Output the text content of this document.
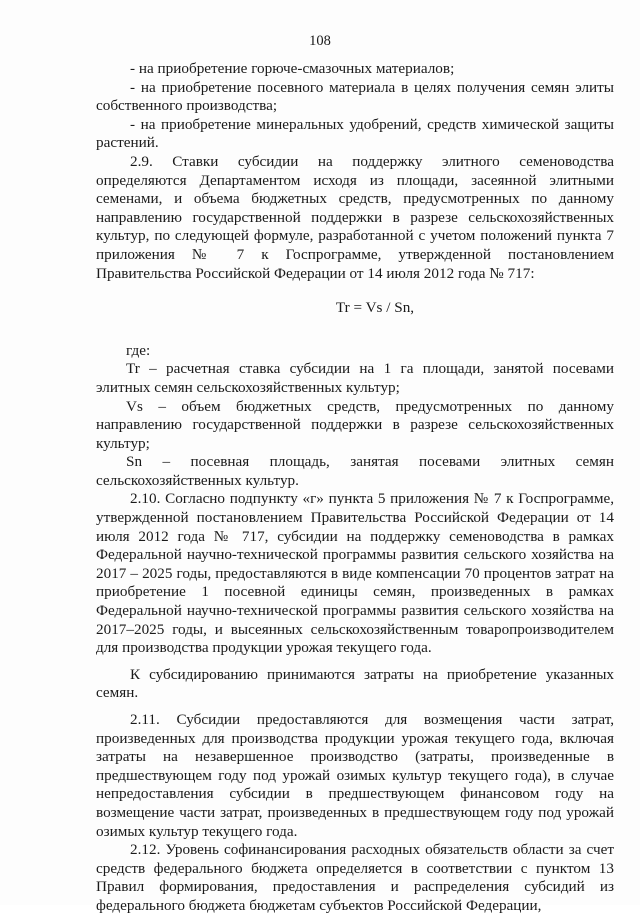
108

- на приобретение горюче-смазочных материалов;

- на приобретение посевного материала в целях получения семян элиты собственного производства;

- на приобретение минеральных удобрений, средств химической защиты растений.

2.9. Ставки субсидии на поддержку элитного семеноводства определяются Департаментом исходя из площади, засеянной элитными семенами, и объема бюджетных средств, предусмотренных по данному направлению государственной поддержки в разрезе сельскохозяйственных культур, по следующей формуле, разработанной с учетом положений пункта 7 приложения № 7 к Госпрограмме, утвержденной постановлением Правительства Российской Федерации от 14 июля 2012 года № 717:

Tr = Vs / Sn,

где:

Tr – расчетная ставка субсидии на 1 га площади, занятой посевами элитных семян сельскохозяйственных культур;

Vs – объем бюджетных средств, предусмотренных по данному направлению государственной поддержки в разрезе сельскохозяйственных культур;

Sn – посевная площадь, занятая посевами элитных семян сельскохозяйственных культур.

2.10. Согласно подпункту «г» пункта 5 приложения № 7 к Госпрограмме, утвержденной постановлением Правительства Российской Федерации от 14 июля 2012 года № 717, субсидии на поддержку семеноводства в рамках Федеральной научно-технической программы развития сельского хозяйства на 2017 – 2025 годы, предоставляются в виде компенсации 70 процентов затрат на приобретение 1 посевной единицы семян, произведенных в рамках Федеральной научно-технической программы развития сельского хозяйства на 2017–2025 годы, и высеянных сельскохозяйственным товаропроизводителем для производства продукции урожая текущего года.

К субсидированию принимаются затраты на приобретение указанных семян.

2.11. Субсидии предоставляются для возмещения части затрат, произведенных для производства продукции урожая текущего года, включая затраты на незавершенное производство (затраты, произведенные в предшествующем году под урожай озимых культур текущего года), в случае непредоставления субсидии в предшествующем финансовом году на возмещение части затрат, произведенных в предшествующем году под урожай озимых культур текущего года.

2.12. Уровень софинансирования расходных обязательств области за счет средств федерального бюджета определяется в соответствии с пунктом 13 Правил формирования, предоставления и распределения субсидий из федерального бюджета бюджетам субъектов Российской Федерации,
